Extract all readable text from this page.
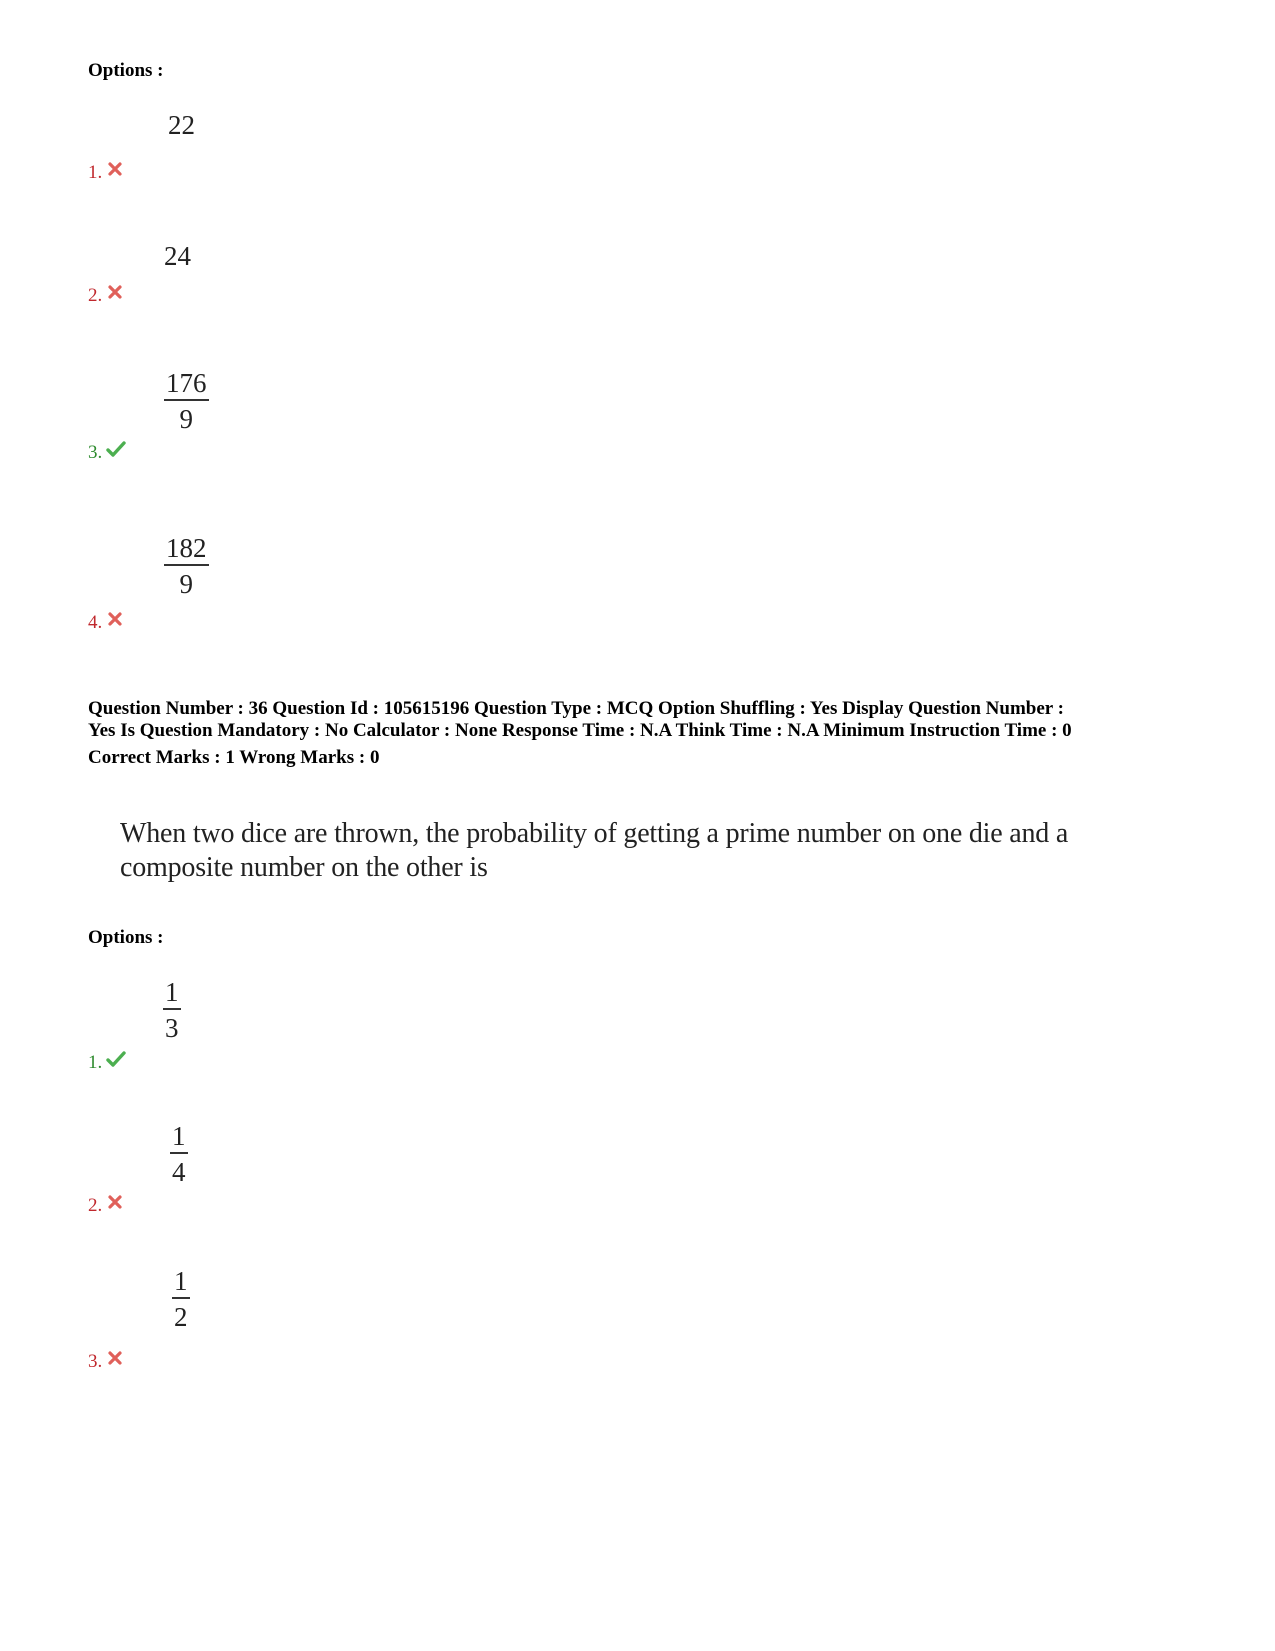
Options :
22
1.
24
2.
176
9
3.
182
9
4.
Question Number : 36 Question Id : 105615196 Question Type : MCQ Option Shuffling : Yes Display Question Number :
Yes Is Question Mandatory : No Calculator : None Response Time : N.A Think Time : N.A Minimum Instruction Time : 0
Correct Marks : 1 Wrong Marks : 0
When two dice are thrown, the probability of getting a prime number on one die and a composite number on the other is
Options :
1
3
1.
1
4
2.
1
2
3.
